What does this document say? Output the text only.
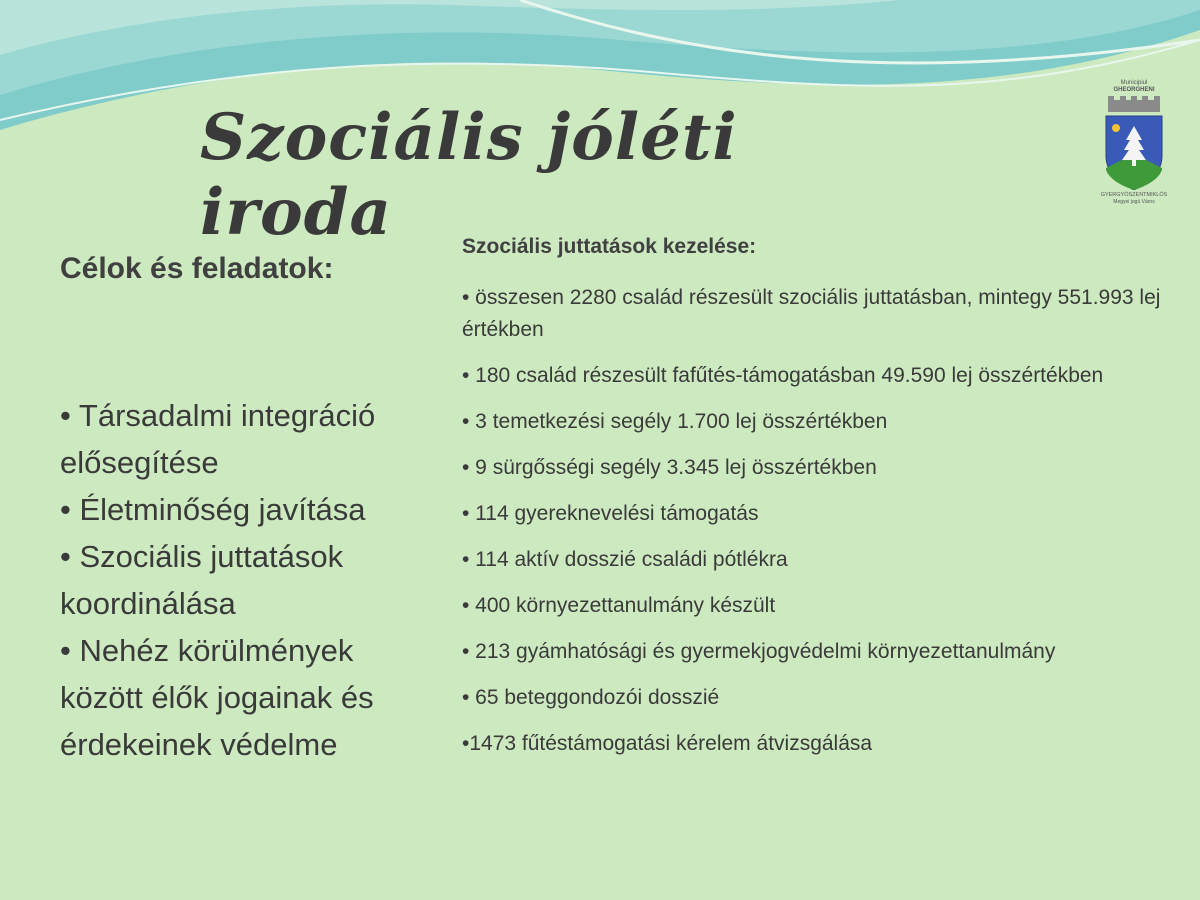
Szociális jóléti iroda
Municipiul
GHEORGHENI
GYERGYÓSZENTMIKLÓS
Megyei jogú Város
Célok és feladatok:
• Társadalmi integráció elősegítése
• Életminőség javítása
• Szociális juttatások koordinálása
• Nehéz körülmények között élők jogainak és érdekeinek védelme
Szociális juttatások kezelése:
• összesen 2280 család részesült szociális juttatásban, mintegy 551.993 lej értékben
• 180 család részesült fafűtés-támogatásban 49.590 lej összértékben
• 3 temetkezési segély 1.700 lej összértékben
• 9 sürgősségi segély 3.345 lej összértékben
• 114 gyereknevelési támogatás
• 114 aktív dosszié családi pótlékra
• 400 környezettanulmány készült
• 213 gyámhatósági és gyermekjogvédelmi környezettanulmány
• 65 beteggondozói dosszié
•1473 fűtéstámogatási kérelem átvizsgálása
